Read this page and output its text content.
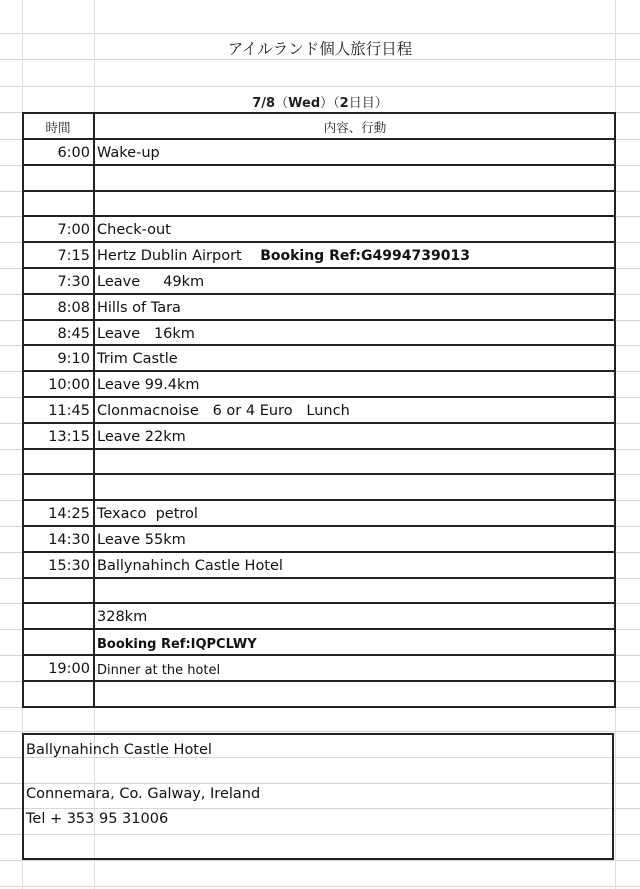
アイルランド個人旅行日程
7/8（Wed）（2日目）
時間	内容、行動
6:00 Wake-up
7:00 Check-out
7:15 Hertz Dublin Airport    Booking Ref:G4994739013
7:30 Leave     49km
8:08 Hills of Tara
8:45 Leave   16km
9:10 Trim Castle
10:00 Leave 99.4km
11:45 Clonmacnoise   6 or 4 Euro   Lunch
13:15 Leave 22km
14:25 Texaco  petrol
14:30 Leave 55km
15:30 Ballynahinch Castle Hotel
328km
Booking Ref:IQPCLWY
19:00 Dinner at the hotel
Ballynahinch Castle Hotel
Connemara, Co. Galway, Ireland
Tel + 353 95 31006
